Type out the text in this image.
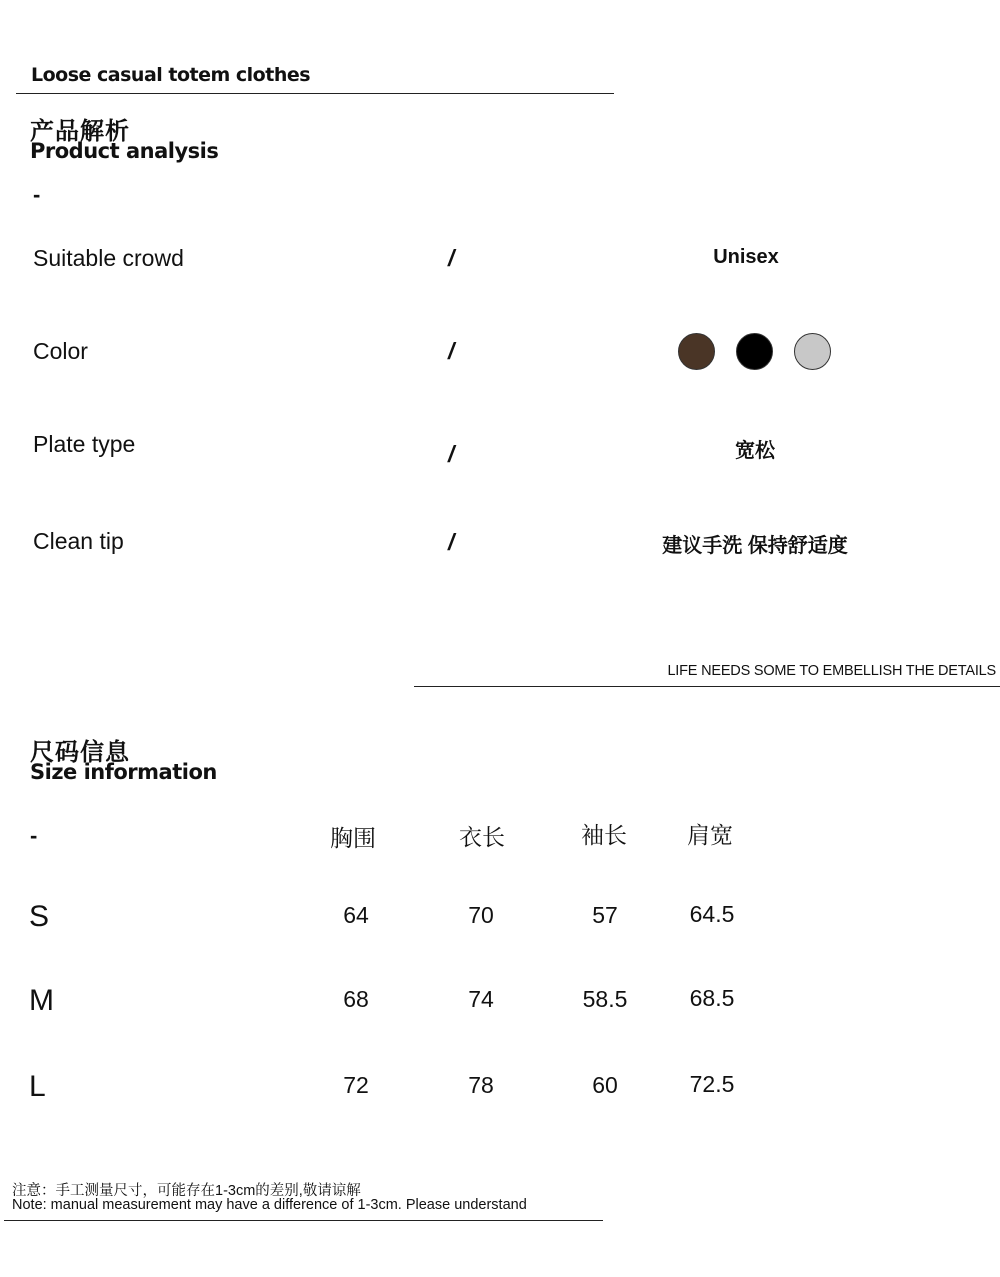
Loose casual totem clothes
产品解析
Product analysis
-
Suitable crowd	/	Unisex
Color	/
Plate type	/	宽松
Clean tip	/	建议手洗 保持舒适度
LIFE NEEDS SOME TO EMBELLISH THE DETAILS
尺码信息
Size information
-	胸围	衣长	袖长	肩宽
S	64	70	57	64.5
M	68	74	58.5	68.5
L	72	78	60	72.5
注意：手工测量尺寸，可能存在1-3cm的差别,敬请谅解
Note: manual measurement may have a difference of 1-3cm. Please understand
